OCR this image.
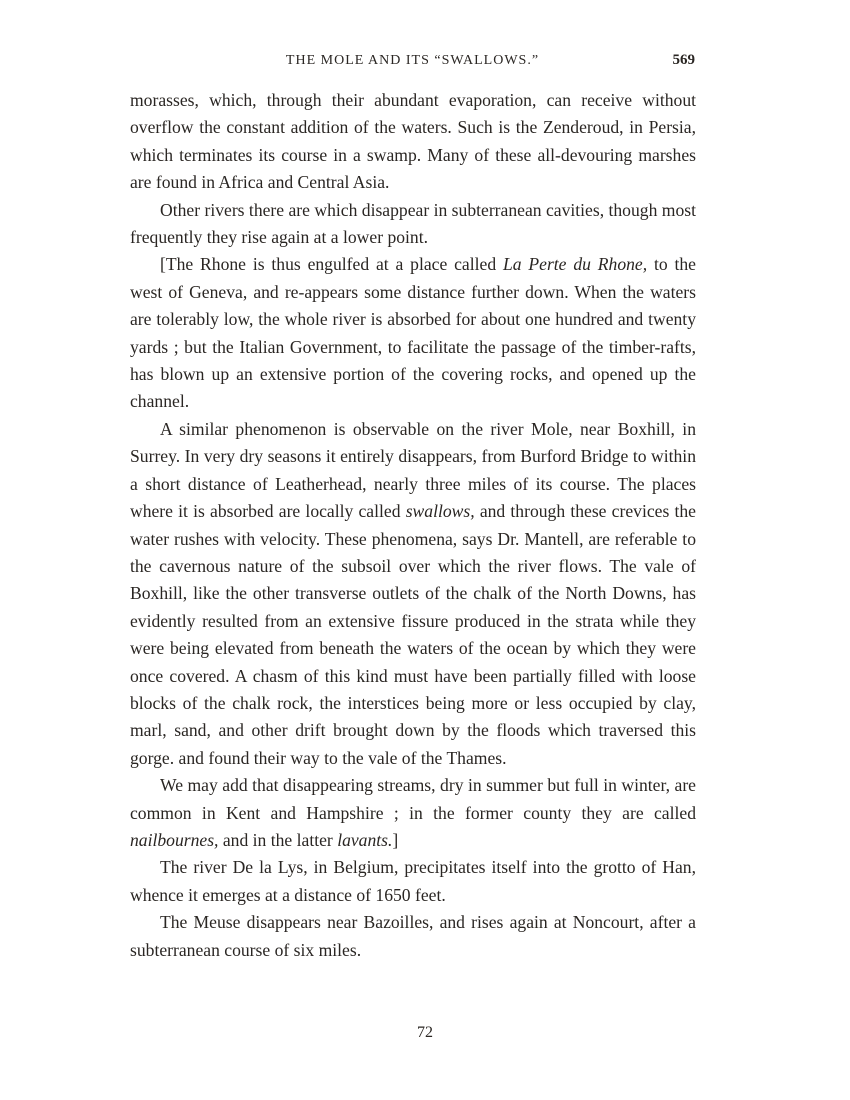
THE MOLE AND ITS “SWALLOWS.”	569

morasses, which, through their abundant evaporation, can receive without overflow the constant addition of the waters. Such is the Zenderoud, in Persia, which terminates its course in a swamp. Many of these all-devouring marshes are found in Africa and Central Asia.

Other rivers there are which disappear in subterranean cavities, though most frequently they rise again at a lower point.

[The Rhone is thus engulfed at a place called La Perte du Rhone, to the west of Geneva, and re-appears some distance further down. When the waters are tolerably low, the whole river is absorbed for about one hundred and twenty yards ; but the Italian Government, to facilitate the passage of the timber-rafts, has blown up an extensive portion of the covering rocks, and opened up the channel.

A similar phenomenon is observable on the river Mole, near Boxhill, in Surrey. In very dry seasons it entirely disappears, from Burford Bridge to within a short distance of Leatherhead, nearly three miles of its course. The places where it is absorbed are locally called swallows, and through these crevices the water rushes with velocity. These phenomena, says Dr. Mantell, are referable to the cavernous nature of the subsoil over which the river flows. The vale of Boxhill, like the other transverse outlets of the chalk of the North Downs, has evidently resulted from an extensive fissure produced in the strata while they were being elevated from beneath the waters of the ocean by which they were once covered. A chasm of this kind must have been partially filled with loose blocks of the chalk rock, the interstices being more or less occupied by clay, marl, sand, and other drift brought down by the floods which traversed this gorge. and found their way to the vale of the Thames.

We may add that disappearing streams, dry in summer but full in winter, are common in Kent and Hampshire ; in the former county they are called nailbournes, and in the latter lavants.]

The river De la Lys, in Belgium, precipitates itself into the grotto of Han, whence it emerges at a distance of 1650 feet.

The Meuse disappears near Bazoilles, and rises again at Noncourt, after a subterranean course of six miles.

72
